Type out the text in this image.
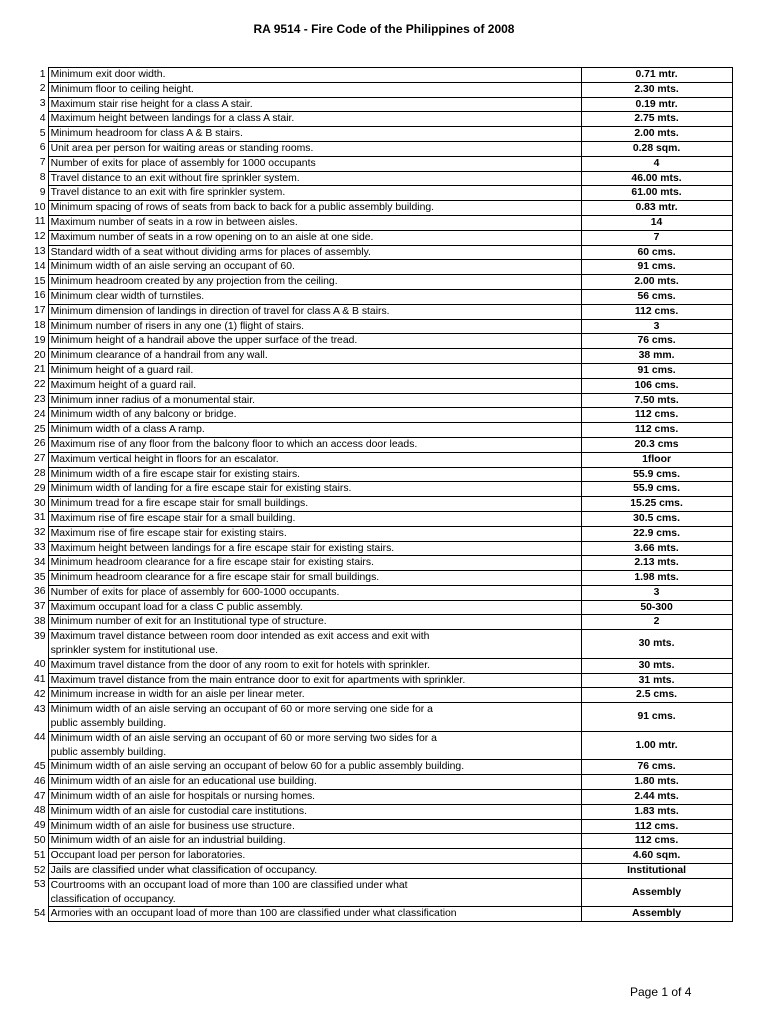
RA 9514 - Fire Code of the Philippines of 2008
1	Minimum exit door width.	0.71 mtr.
2	Minimum floor to ceiling height.	2.30 mts.
3	Maximum stair rise height for a class A stair.	0.19 mtr.
4	Maximum height between landings for a class A stair.	2.75 mts.
5	Minimum headroom for class A & B stairs.	2.00 mts.
6	Unit area per person for waiting areas or standing rooms.	0.28 sqm.
7	Number of exits for place of assembly for 1000 occupants	4
8	Travel distance to an exit without fire sprinkler system.	46.00 mts.
9	Travel distance to an exit with fire sprinkler system.	61.00 mts.
10	Minimum spacing of rows of seats from back to back for a public assembly building.	0.83 mtr.
11	Maximum number of seats in a row in between aisles.	14
12	Maximum number of seats in a row opening on to an aisle at one side.	7
13	Standard width of a seat without dividing arms for places of assembly.	60 cms.
14	Minimum width of an aisle serving an occupant of 60.	91 cms.
15	Minimum headroom created by any projection from the ceiling.	2.00 mts.
16	Minimum clear width of turnstiles.	56 cms.
17	Minimum dimension of landings in direction of travel for class A & B stairs.	112 cms.
18	Minimum number of risers in any one (1) flight of stairs.	3
19	Minimum height of a handrail above the upper surface of the tread.	76 cms.
20	Minimum clearance of a handrail from any wall.	38 mm.
21	Minimum height of a guard rail.	91 cms.
22	Maximum height of a guard rail.	106 cms.
23	Minimum inner radius of a monumental stair.	7.50 mts.
24	Minimum width of any balcony or bridge.	112 cms.
25	Minimum width of a class A ramp.	112 cms.
26	Maximum rise of any floor from the balcony floor to which an access door leads.	20.3 cms
27	Maximum vertical height in floors for an escalator.	1floor
28	Minimum width of a fire escape stair for existing stairs.	55.9 cms.
29	Minimum width of landing for a fire escape stair for existing stairs.	55.9 cms.
30	Minimum tread for a fire escape stair for small buildings.	15.25 cms.
31	Maximum rise of fire escape stair for a small building.	30.5 cms.
32	Maximum rise of fire escape stair for existing stairs.	22.9 cms.
33	Maximum height between landings for a fire escape stair for existing stairs.	3.66 mts.
34	Minimum headroom clearance for a fire escape stair for existing stairs.	2.13 mts.
35	Minimum headroom clearance for a fire escape stair for small buildings.	1.98 mts.
36	Number of exits for place of assembly for 600-1000 occupants.	3
37	Maximum occupant load for a class C public assembly.	50-300
38	Minimum number of exit for an Institutional type of structure.	2
39	Maximum travel distance between room door intended as exit access and exit with
sprinkler system for institutional use.	30 mts.
40	Maximum travel distance from the door of any room to exit for hotels with sprinkler.	30 mts.
41	Maximum travel distance from the main entrance door to exit for apartments with sprinkler.	31 mts.
42	Minimum increase in width for an aisle per linear meter.	2.5 cms.
43	Minimum width of an aisle serving an occupant of 60 or more serving one side for a
public assembly building.	91 cms.
44	Minimum width of an aisle serving an occupant of 60 or more serving two sides for a
public assembly building.	1.00 mtr.
45	Minimum width of an aisle serving an occupant of below 60 for a public assembly building.	76 cms.
46	Minimum width of an aisle for an educational use building.	1.80 mts.
47	Minimum width of an aisle for hospitals or nursing homes.	2.44 mts.
48	Minimum width of an aisle for custodial care institutions.	1.83 mts.
49	Minimum width of an aisle for business use structure.	112 cms.
50	Minimum width of an aisle for an industrial building.	112 cms.
51	Occupant load per person for laboratories.	4.60 sqm.
52	Jails are classified under what classification of occupancy.	Institutional
53	Courtrooms with an occupant load of more than 100 are classified under what
classification of occupancy.	Assembly
54	Armories with an occupant load of more than 100 are classified under what classification	Assembly
Page 1 of 4
